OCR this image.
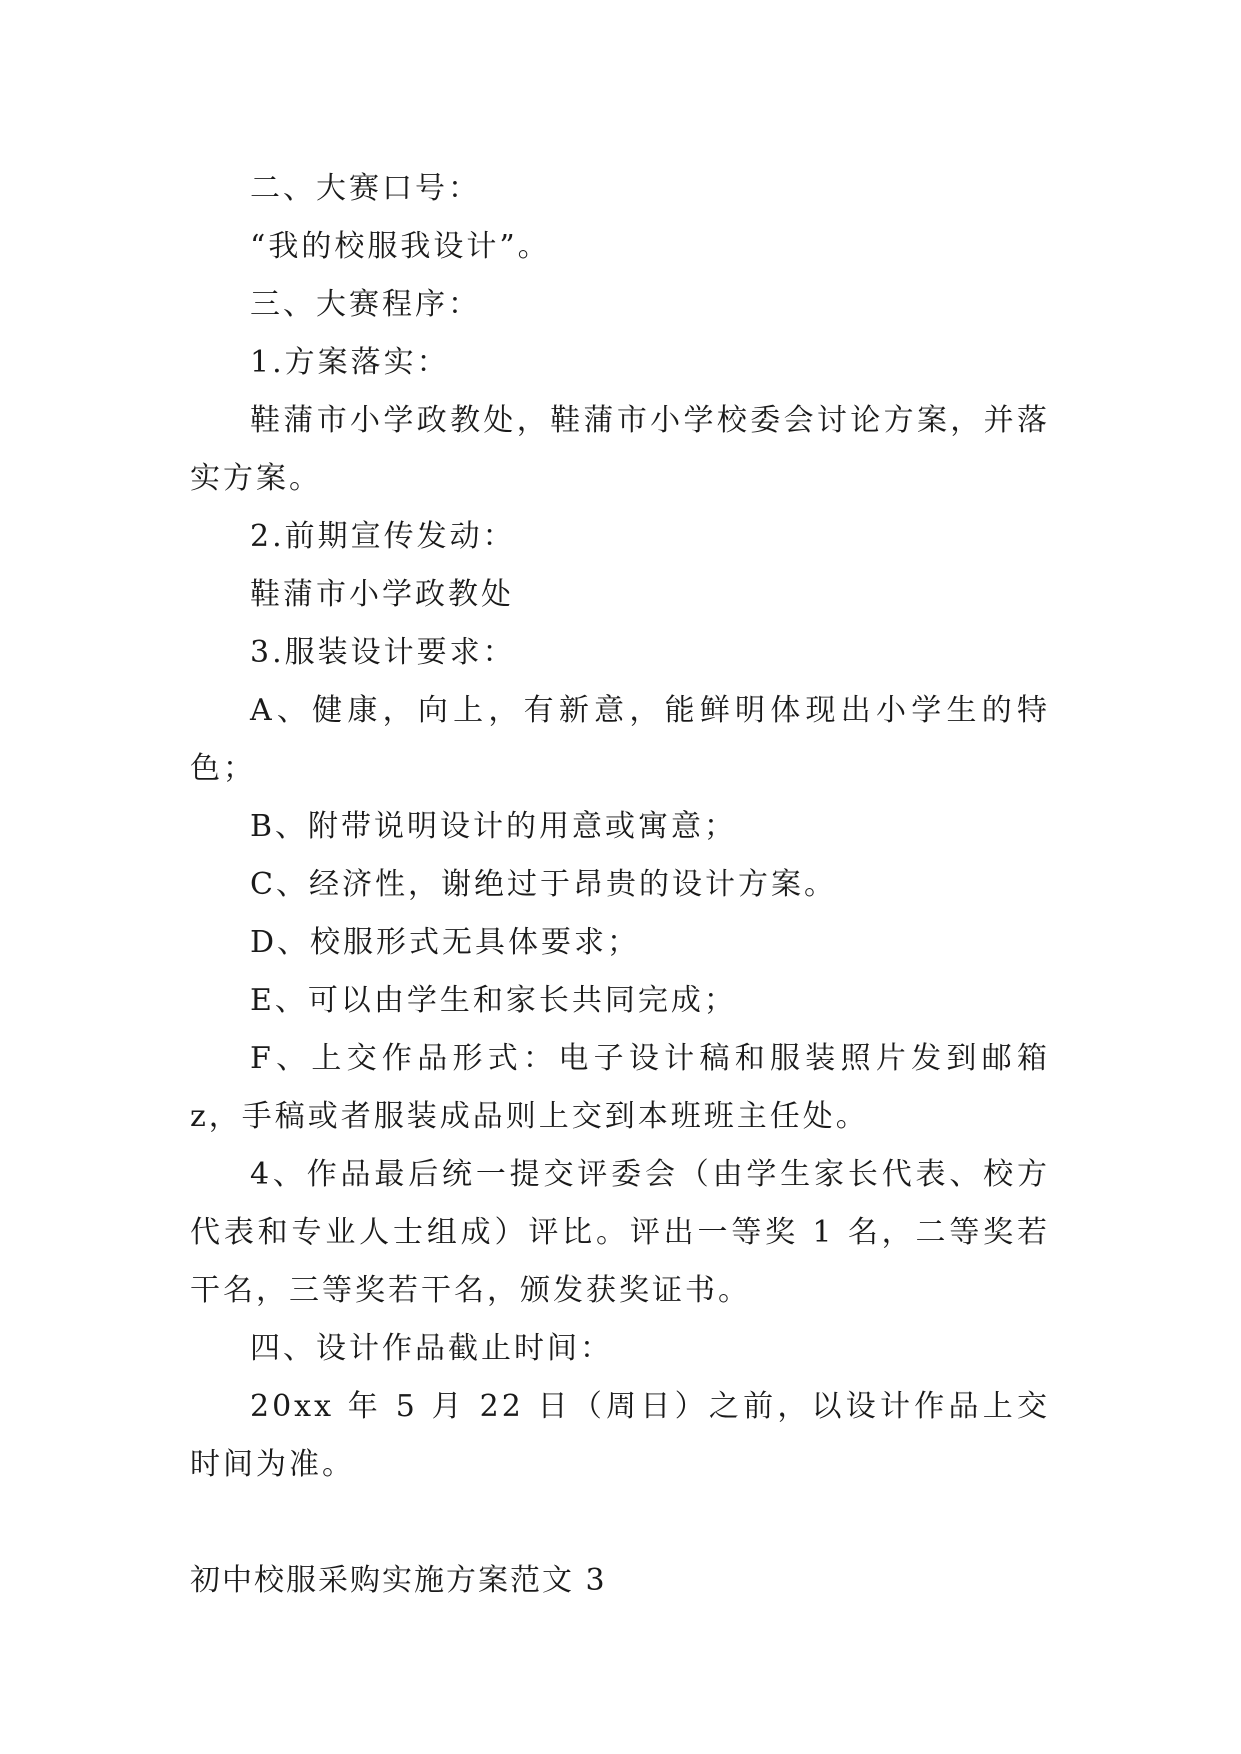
二、大赛口号：

“我的校服我设计”。

三、大赛程序：

1.方案落实：

鞋蒲市小学政教处，鞋蒲市小学校委会讨论方案，并落实方案。

2.前期宣传发动：

鞋蒲市小学政教处

3.服装设计要求：

A、健康，向上，有新意，能鲜明体现出小学生的特色；

B、附带说明设计的用意或寓意；

C、经济性，谢绝过于昂贵的设计方案。

D、校服形式无具体要求；

E、可以由学生和家长共同完成；

F、上交作品形式：电子设计稿和服装照片发到邮箱 z，手稿或者服装成品则上交到本班班主任处。

4、作品最后统一提交评委会（由学生家长代表、校方代表和专业人士组成）评比。评出一等奖 1 名，二等奖若干名，三等奖若干名，颁发获奖证书。

四、设计作品截止时间：

20xx 年 5 月 22 日（周日）之前，以设计作品上交时间为准。

初中校服采购实施方案范文 3
